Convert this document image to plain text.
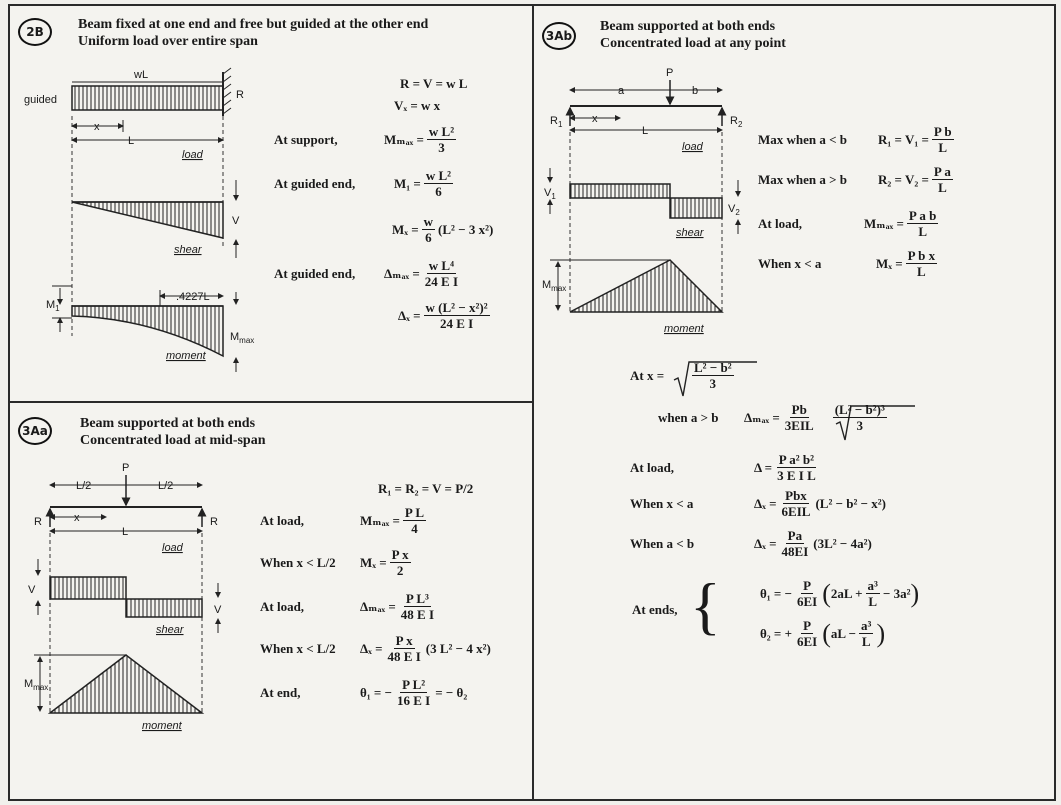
2B	Beam fixed at one end and free but guided at the other end
Uniform load over entire span
wL
guided	R
x
L
load
V
shear
.4227L
$M_1$
$M_{max}$
moment
R = V = w L
Vₓ = w x
At support,	$M_{max} = \frac{\text{w L²}}{3}$
At guided end,	$M_1 = \frac{\text{w L²}}{6}$
$M_x = \frac{w}{6} (L^2 - 3$ x²)
At guided end,	$\Delta_{max} = \frac{\text{w L⁴}}{\text{24 E I}}$
$\Delta_x = \frac{\text{w (L² − x²)²}}{\text{24 E I}}$
3Aa Beam supported at both ends
Concentrated load at mid-span
P
L/2	L/2
R	R
x
L
load
V
V
shear
$M_{max}$
moment
R₁ = R₂ = V = P/2
At load,	$M_{max} = \frac{\text{P L}}{4}$
When x < L/2	$M_x = \frac{\text{P x}}{2}$
At load,	$\Delta_{max} = \frac{\text{P L³}}{\text{48 E I}}$
When x < L/2	$\Delta_x = \frac{\text{P x}}{\text{48 E I}} (3$ L² − 4 x²)
At end,	θ₁ = − $\frac{\text{P L²}}{\text{16 E I}}$ = − θ₂
3Ab
Beam supported at both ends
Concentrated load at any point
P
a	b
$R_1$	$R_2$
x
L
load
$V_1$
$V_2$
shear
$M_{max}$
moment
Max when a < b	$R_1 = V_1 = \frac{\text{P b}}{L}$
Max when a > b	$R_2 = V_2 = \frac{\text{P a}}{L}$
At load,	$M_{max} = \frac{\text{P a b}}{L}$
When x < a	$M_x = \frac{\text{P b x}}{L}$
At x =	$\frac{\text{L² − b²}}{3}$
when a > b	$\Delta_{max} = \frac{Pb}{\text{3EIL}} \frac{\text{(L² − b²)³}}{3}$
At load,	$\Delta = \frac{\text{P a² b²}}{\text{3 E I L}}$
When x < a	$\Delta_x = \frac{\text{Pbx}}{\text{6EIL}} (L^2 - b^2 - x^2)$
When a < b	$\Delta_x = \frac{Pa}{48EI} (3L^2 - 4a^2)$
At ends, {	θ₁ = − $\frac{P}{6EI}$ ( $2aL + \frac{\text{a³}}{L} - 3a^2$ )
θ₂ = + $\frac{P}{6EI}$ ( aL − $\frac{\text{a³}}{L}$ )
